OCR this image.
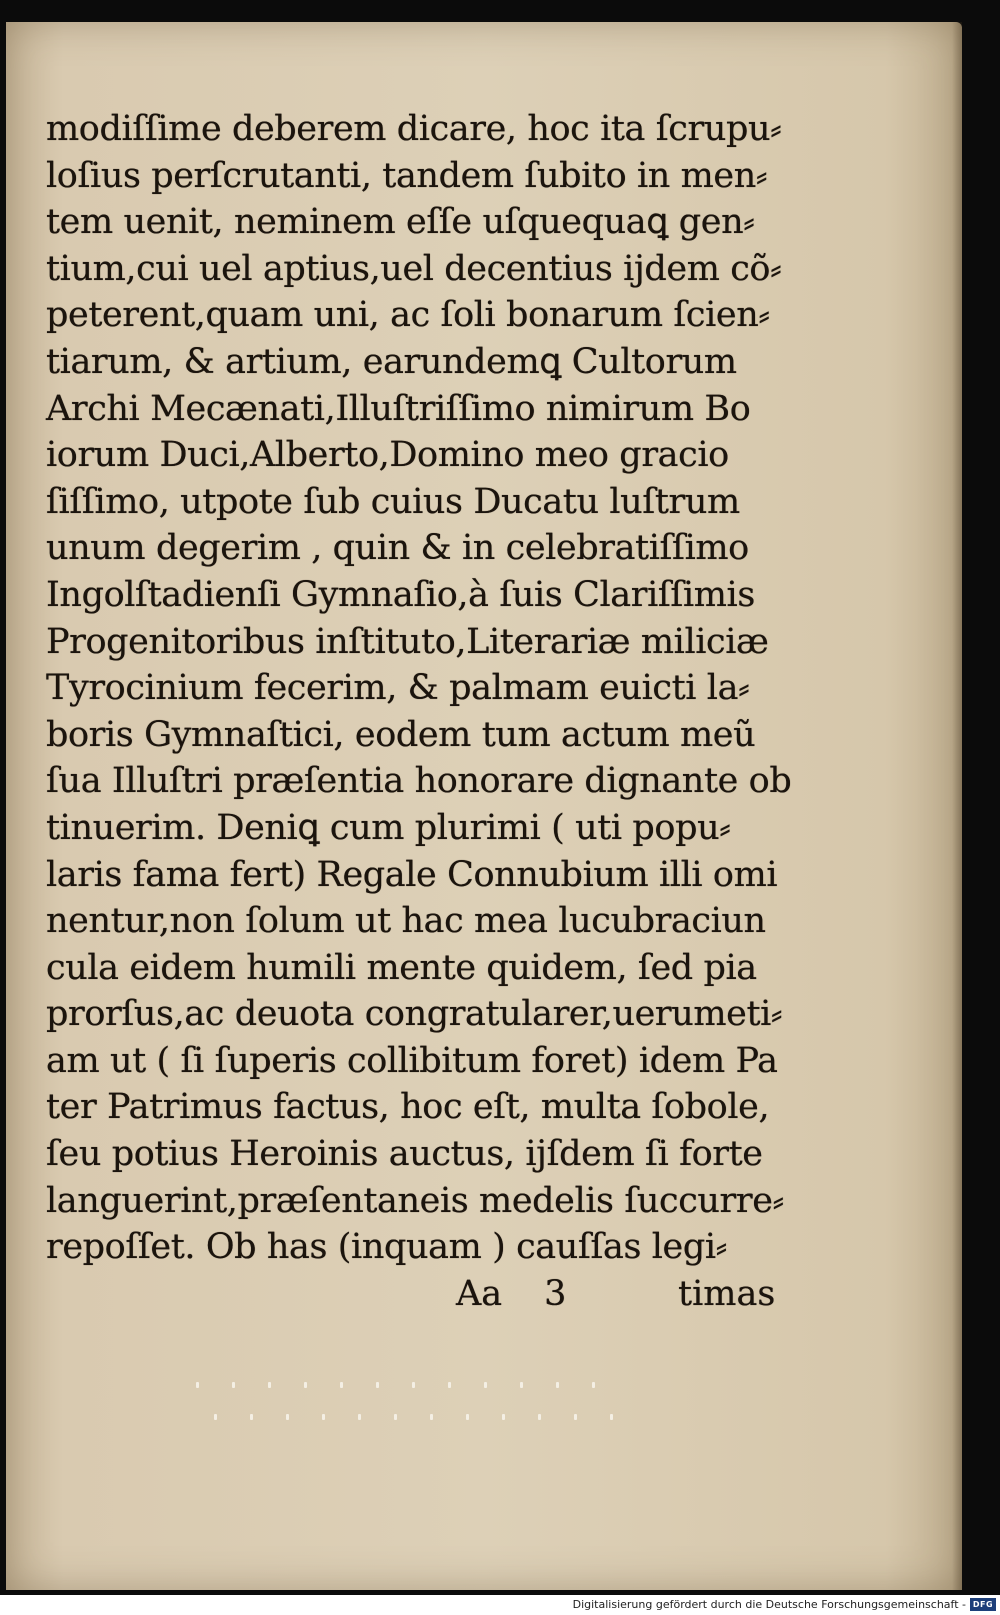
modiſſime deberem dicare, hoc ita ſcrupu⸗
loſius perſcrutanti, tandem ſubito in men⸗
tem uenit, neminem eſſe uſquequaꝗ gen⸗
tium,cui uel aptius,uel decentius ijdem cõ⸗
peterent,quam uni, ac ſoli bonarum ſcien⸗
tiarum, & artium, earundemꝗ Cultorum
Archi Mecænati,Illuſtriſſimo nimirum Bo
iorum Duci,Alberto,Domino meo gracio
ſiſſimo, utpote ſub cuius Ducatu luſtrum
unum degerim , quin & in celebratiſſimo
Ingolſtadienſi Gymnaſio,à ſuis Clariſſimis
Progenitoribus inſtituto,Literariæ miliciæ
Tyrocinium fecerim, & palmam euicti la⸗
boris Gymnaſtici, eodem tum actum meũ
ſua Illuſtri præſentia honorare dignante ob
tinuerim. Deniꝗ cum plurimi ( uti popu⸗
laris fama fert) Regale Connubium illi omi
nentur,non ſolum ut hac mea lucubraciun
cula eidem humili mente quidem, ſed pia
prorſus,ac deuota congratularer,uerumeti⸗
am ut ( ſi ſuperis collibitum foret) idem Pa
ter Patrimus factus, hoc eſt, multa ſobole,
ſeu potius Heroinis auctus, ijſdem ſi forte
languerint,præſentaneis medelis ſuccurre⸗
repoſſet. Ob has (inquam ) cauſſas legi⸗
Aa 3	timas
Digitalisierung gefördert durch die Deutsche Forschungsgemeinschaft - DFG
